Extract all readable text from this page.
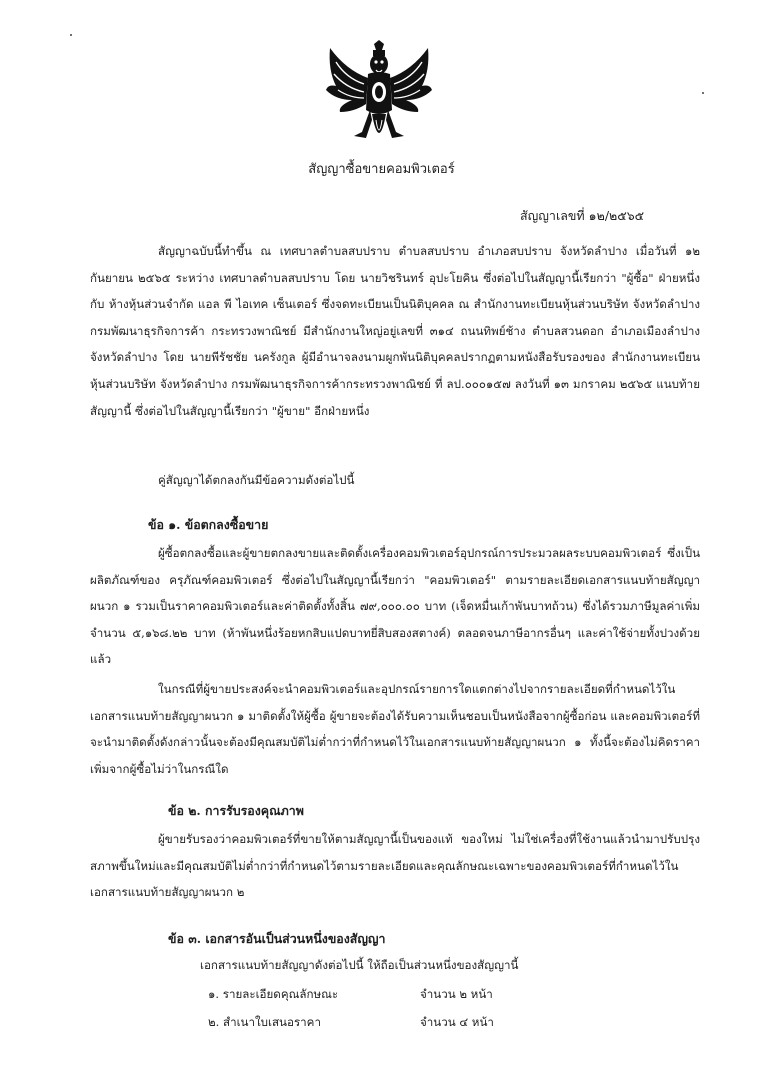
สัญญาซื้อขายคอมพิวเตอร์
สัญญาเลขที่ ๑๒/๒๕๖๕
สัญญาฉบับนี้ทำขึ้น ณ เทศบาลตำบลสบปราบ ตำบลสบปราบ อำเภอสบปราบ จังหวัดลำปาง เมื่อวันที่ ๑๒ กันยายน ๒๕๖๕ ระหว่าง เทศบาลตำบลสบปราบ โดย นายวิชรินทร์ อุปะโยคิน ซึ่งต่อไปในสัญญานี้เรียกว่า "ผู้ซื้อ" ฝ่ายหนึ่ง กับ ห้างหุ้นส่วนจำกัด แอล พี ไอเทค เซ็นเตอร์ ซึ่งจดทะเบียนเป็นนิติบุคคล ณ สำนักงานทะเบียนหุ้นส่วนบริษัท จังหวัดลำปาง กรมพัฒนาธุรกิจการค้า กระทรวงพาณิชย์ มีสำนักงานใหญ่อยู่เลขที่ ๓๑๔ ถนนทิพย์ช้าง ตำบลสวนดอก อำเภอเมืองลำปาง จังหวัดลำปาง โดย นายพีรัชชัย นครังกูล ผู้มีอำนาจลงนามผูกพันนิติบุคคลปรากฏตามหนังสือรับรองของ สำนักงานทะเบียนหุ้นส่วนบริษัท จังหวัดลำปาง กรมพัฒนาธุรกิจการค้ากระทรวงพาณิชย์ ที่ ลป.๐๐๐๑๕๗ ลงวันที่ ๑๓ มกราคม ๒๕๖๕ แนบท้ายสัญญานี้ ซึ่งต่อไปในสัญญานี้เรียกว่า "ผู้ขาย" อีกฝ่ายหนึ่ง
คู่สัญญาได้ตกลงกันมีข้อความดังต่อไปนี้
ข้อ ๑. ข้อตกลงซื้อขาย
ผู้ซื้อตกลงซื้อและผู้ขายตกลงขายและติดตั้งเครื่องคอมพิวเตอร์อุปกรณ์การประมวลผลระบบคอมพิวเตอร์ ซึ่งเป็นผลิตภัณฑ์ของ ครุภัณฑ์คอมพิวเตอร์ ซึ่งต่อไปในสัญญานี้เรียกว่า "คอมพิวเตอร์" ตามรายละเอียดเอกสารแนบท้ายสัญญาผนวก ๑ รวมเป็นราคาคอมพิวเตอร์และค่าติดตั้งทั้งสิ้น ๗๙,๐๐๐.๐๐ บาท (เจ็ดหมื่นเก้าพันบาทถ้วน) ซึ่งได้รวมภาษีมูลค่าเพิ่มจำนวน ๕,๑๖๘.๒๒ บาท (ห้าพันหนึ่งร้อยหกสิบแปดบาทยี่สิบสองสตางค์) ตลอดจนภาษีอากรอื่นๆ และค่าใช้จ่ายทั้งปวงด้วยแล้ว
ในกรณีที่ผู้ขายประสงค์จะนำคอมพิวเตอร์และอุปกรณ์รายการใดแตกต่างไปจากรายละเอียดที่กำหนดไว้ในเอกสารแนบท้ายสัญญาผนวก ๑ มาติดตั้งให้ผู้ซื้อ ผู้ขายจะต้องได้รับความเห็นชอบเป็นหนังสือจากผู้ซื้อก่อน และคอมพิวเตอร์ที่จะนำมาติดตั้งดังกล่าวนั้นจะต้องมีคุณสมบัติไม่ต่ำกว่าที่กำหนดไว้ในเอกสารแนบท้ายสัญญาผนวก ๑ ทั้งนี้จะต้องไม่คิดราคาเพิ่มจากผู้ซื้อไม่ว่าในกรณีใด
ข้อ ๒. การรับรองคุณภาพ
ผู้ขายรับรองว่าคอมพิวเตอร์ที่ขายให้ตามสัญญานี้เป็นของแท้ ของใหม่ ไม่ใช่เครื่องที่ใช้งานแล้วนำมาปรับปรุงสภาพขึ้นใหม่และมีคุณสมบัติไม่ต่ำกว่าที่กำหนดไว้ตามรายละเอียดและคุณลักษณะเฉพาะของคอมพิวเตอร์ที่กำหนดไว้ในเอกสารแนบท้ายสัญญาผนวก ๒
ข้อ ๓. เอกสารอันเป็นส่วนหนึ่งของสัญญา
เอกสารแนบท้ายสัญญาดังต่อไปนี้ ให้ถือเป็นส่วนหนึ่งของสัญญานี้
๑. รายละเอียดคุณลักษณะ	จำนวน ๒ หน้า
๒. สำเนาใบเสนอราคา	จำนวน ๔ หน้า
